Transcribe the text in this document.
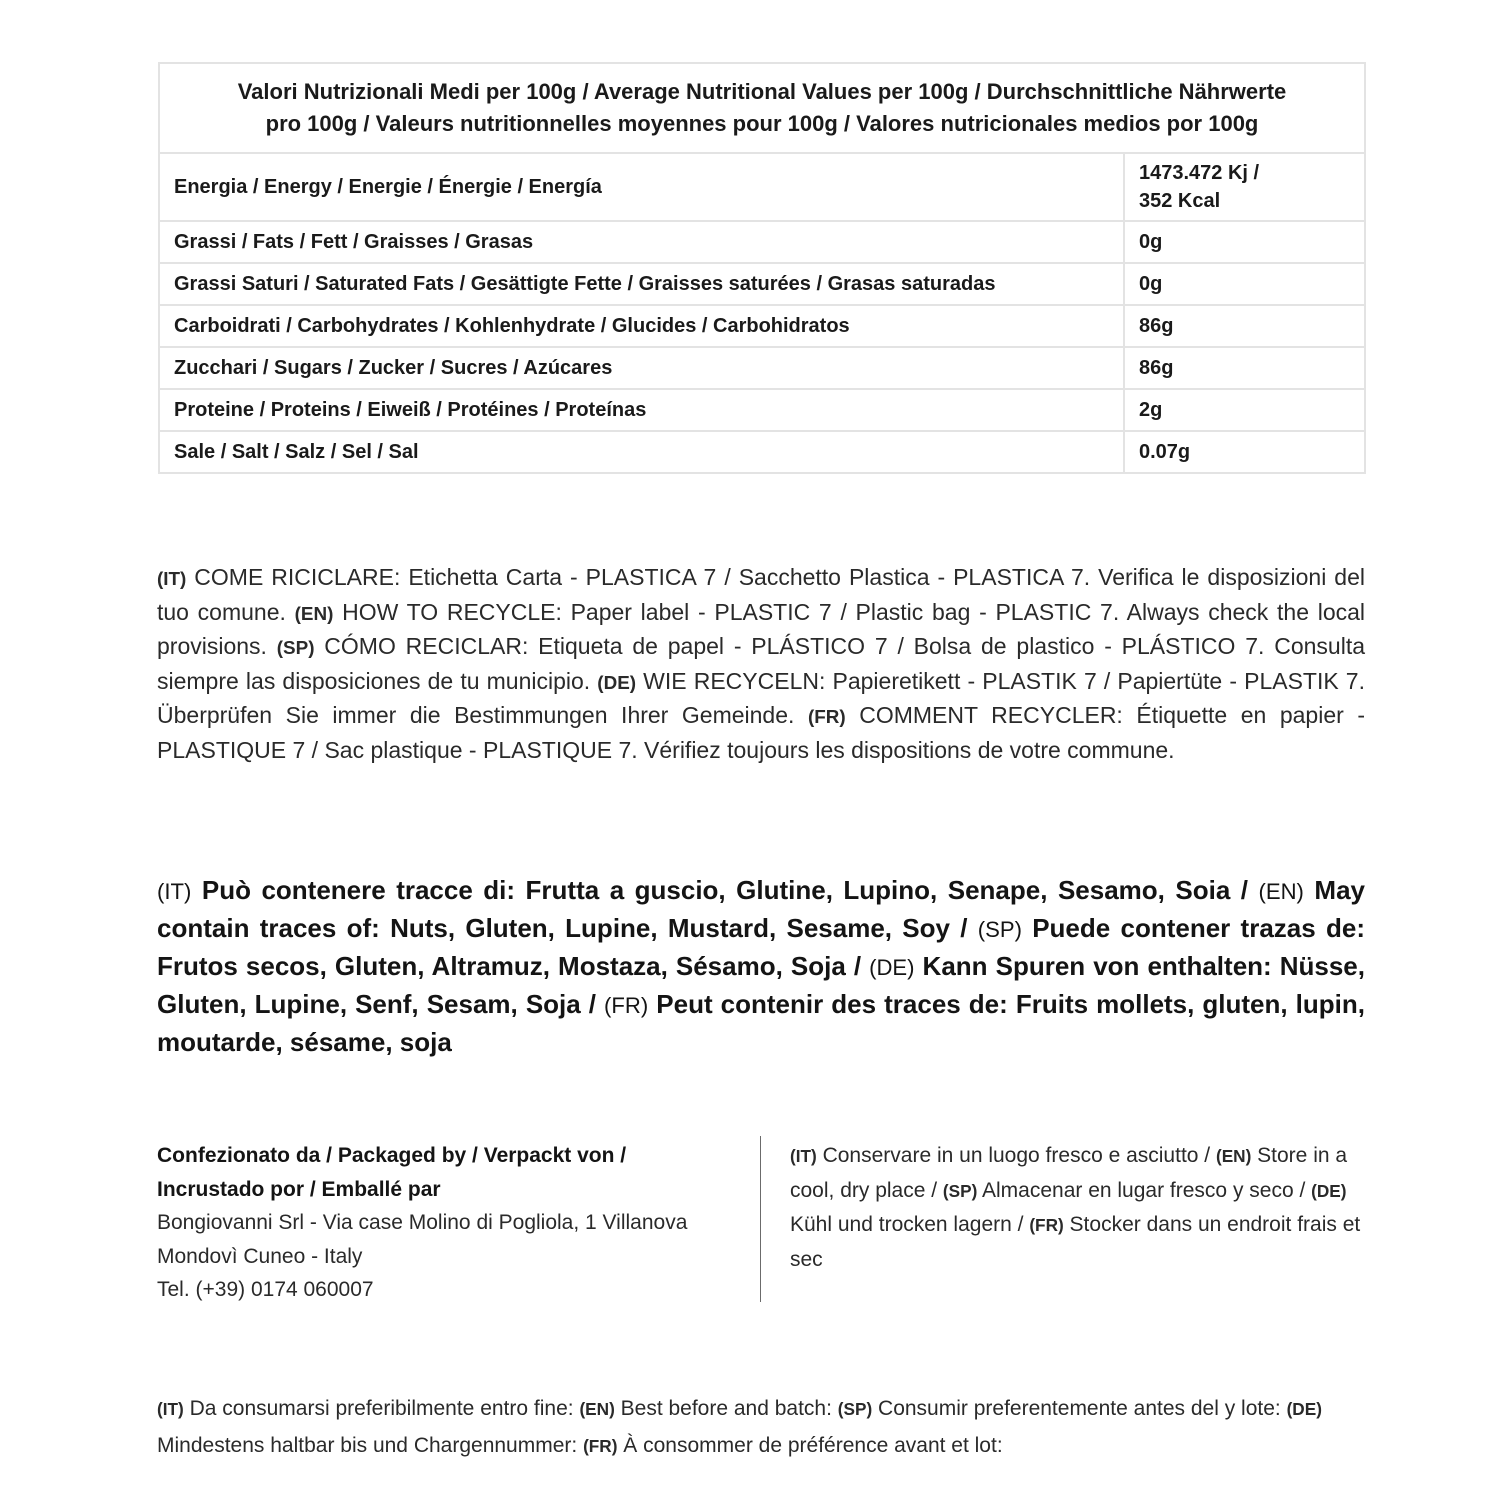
Valori Nutrizionali Medi per 100g / Average Nutritional Values per 100g / Durchschnittliche Nährwerte
pro 100g / Valeurs nutritionnelles moyennes pour 100g / Valores nutricionales medios por 100g	
Energia / Energy / Energie / Énergie / Energía	1473.472 Kj /
352 Kcal
Grassi / Fats / Fett / Graisses / Grasas	0g
Grassi Saturi / Saturated Fats / Gesättigte Fette / Graisses saturées / Grasas saturadas	0g
Carboidrati / Carbohydrates / Kohlenhydrate / Glucides / Carbohidratos	86g
Zucchari / Sugars / Zucker / Sucres / Azúcares	86g
Proteine / Proteins / Eiweiß / Protéines / Proteínas	2g
Sale / Salt / Salz / Sel / Sal	0.07g

(IT) COME RICICLARE: Etichetta Carta - PLASTICA 7 / Sacchetto Plastica - PLASTICA 7. Verifica le disposizioni del tuo comune. (EN) HOW TO RECYCLE: Paper label - PLASTIC 7 / Plastic bag - PLASTIC 7. Always check the local provisions. (SP) CÓMO RECICLAR: Etiqueta de papel - PLÁSTICO 7 / Bolsa de plastico - PLÁSTICO 7. Consulta siempre las disposiciones de tu municipio. (DE) WIE RECYCELN: Papieretikett - PLASTIK 7 / Papiertüte - PLASTIK 7. Überprüfen Sie immer die Bestimmungen Ihrer Gemeinde. (FR) COMMENT RECYCLER: Étiquette en papier - PLASTIQUE 7 / Sac plastique - PLASTIQUE 7. Vérifiez toujours les dispositions de votre commune.

(IT) Può contenere tracce di: Frutta a guscio, Glutine, Lupino, Senape, Sesamo, Soia / (EN) May contain traces of: Nuts, Gluten, Lupine, Mustard, Sesame, Soy / (SP) Puede contener trazas de: Frutos secos, Gluten, Altramuz, Mostaza, Sésamo, Soja / (DE) Kann Spuren von enthalten: Nüsse, Gluten, Lupine, Senf, Sesam, Soja / (FR) Peut contenir des traces de: Fruits mollets, gluten, lupin, moutarde, sésame, soja

Confezionato da / Packaged by / Verpackt von /
Incrustado por / Emballé par
Bongiovanni Srl - Via case Molino di Pogliola, 1 Villanova
Mondovì Cuneo - Italy
Tel. (+39) 0174 060007

(IT) Conservare in un luogo fresco e asciutto / (EN) Store in a cool, dry place / (SP) Almacenar en lugar fresco y seco / (DE) Kühl und trocken lagern / (FR) Stocker dans un endroit frais et sec

(IT) Da consumarsi preferibilmente entro fine: (EN) Best before and batch: (SP) Consumir preferentemente antes del y lote: (DE) Mindestens haltbar bis und Chargennummer: (FR) À consommer de préférence avant et lot:
